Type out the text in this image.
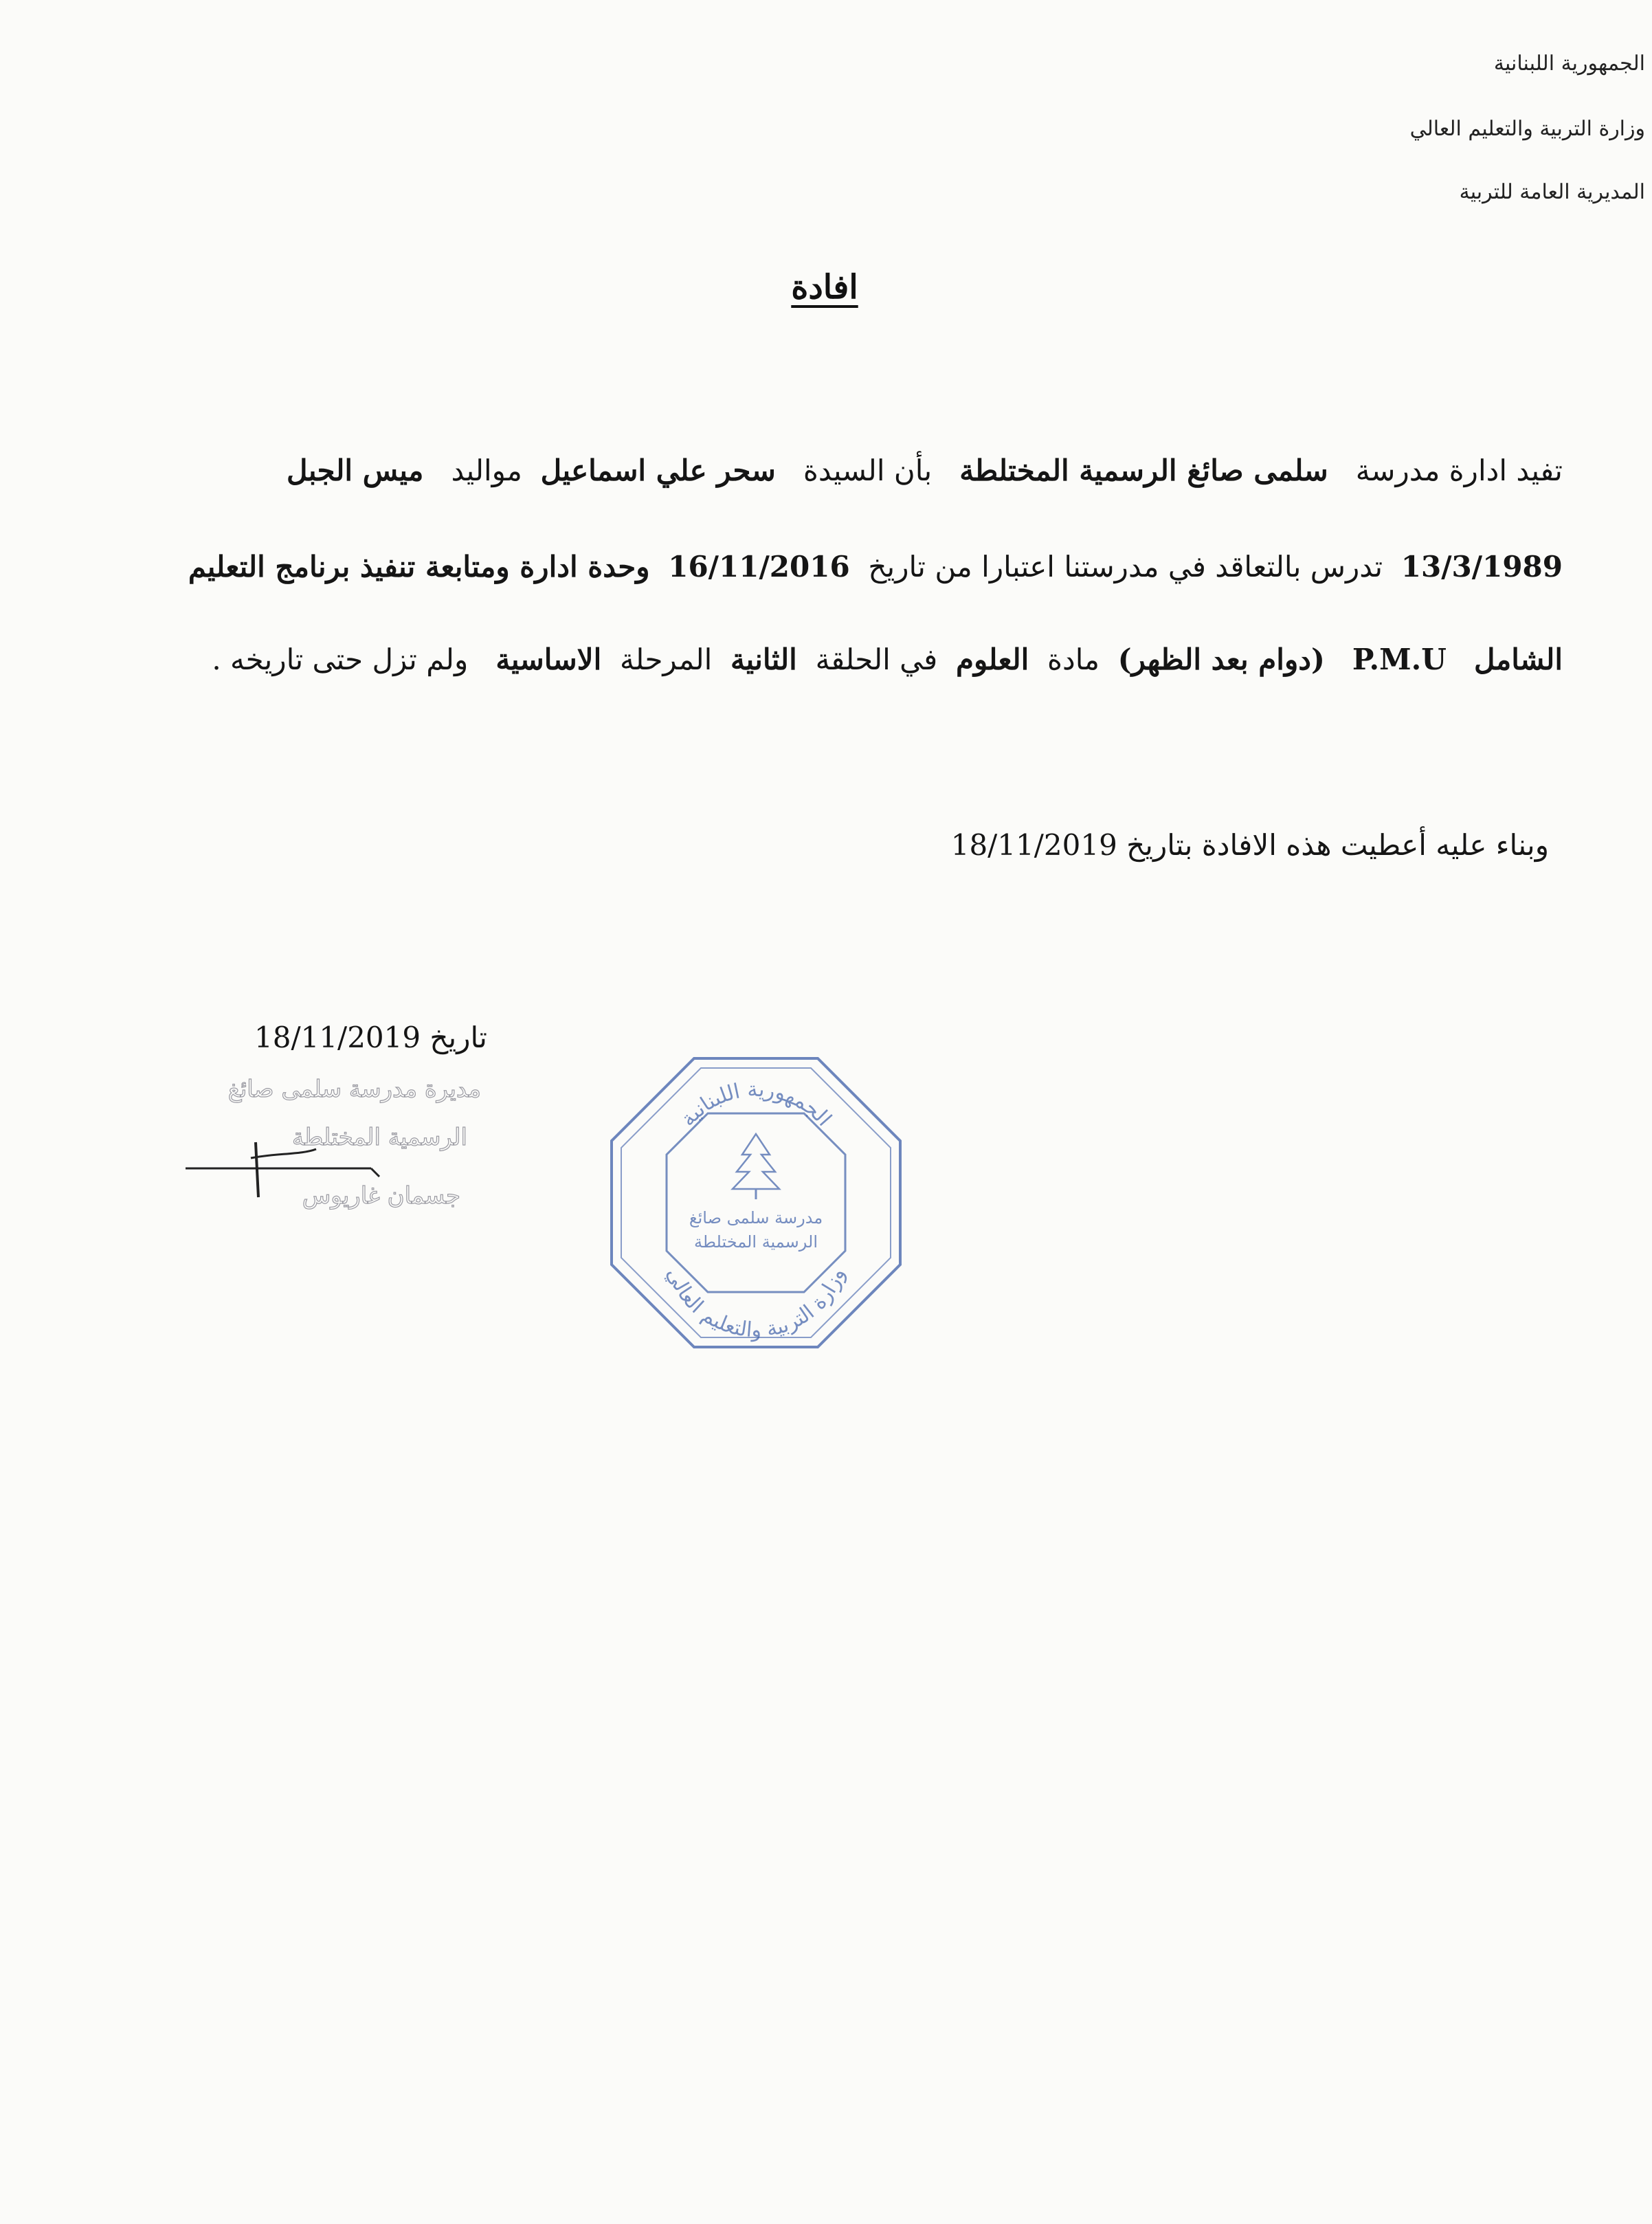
الجمهورية اللبنانية
وزارة التربية والتعليم العالي
المديرية العامة للتربية
افادة
تفيد ادارة مدرسة   سلمى صائغ الرسمية المختلطة   بأن السيدة   سحر علي اسماعيل  مواليد   ميس الجبل
13/3/1989  تدرس بالتعاقد في مدرستنا اعتبارا من تاريخ  16/11/2016  وحدة ادارة ومتابعة تنفيذ برنامج التعليم
الشامل   P.M.U   (دوام بعد الظهر)  مادة  العلوم  في الحلقة  الثانية  المرحلة  الاساسية   ولم تزل حتى تاريخه .
وبناء عليه أعطيت هذه الافادة بتاريخ 18/11/2019
تاريخ 18/11/2019
مديرة مدرسة سلمى صائغ
الرسمية المختلطة
جسمان غاريوس
الجمهورية اللبنانية
مدرسة سلمى صائغ
الرسمية المختلطة
وزارة التربية والتعليم العالي
